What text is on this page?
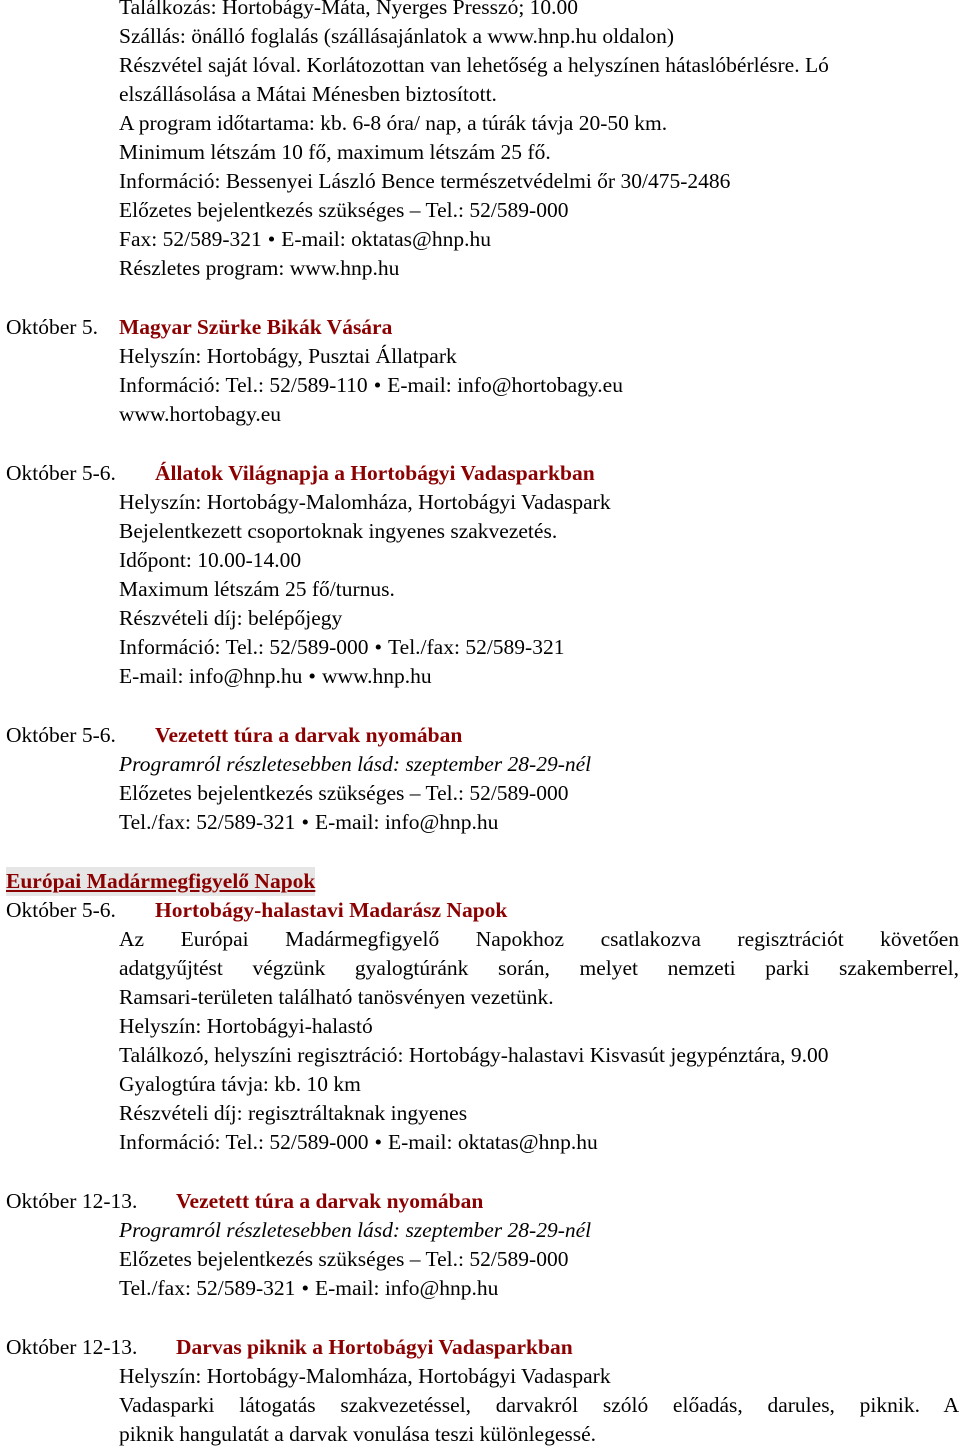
Találkozás: Hortobágy-Máta, Nyerges Presszó; 10.00
Szállás: önálló foglalás (szállásajánlatok a www.hnp.hu oldalon)
Részvétel saját lóval. Korlátozottan van lehetőség a helyszínen hátaslóbérlésre. Ló
elszállásolása a Mátai Ménesben biztosított.
A program időtartama: kb. 6-8 óra/ nap, a túrák távja 20-50 km.
Minimum létszám 10 fő, maximum létszám 25 fő.
Információ: Bessenyei László Bence természetvédelmi őr 30/475-2486
Előzetes bejelentkezés szükséges – Tel.: 52/589-000
Fax: 52/589-321 • E-mail: oktatas@hnp.hu
Részletes program: www.hnp.hu
Október 5. Magyar Szürke Bikák Vására
Helyszín: Hortobágy, Pusztai Állatpark
Információ: Tel.: 52/589-110 • E-mail: info@hortobagy.eu
www.hortobagy.eu
Október 5-6. Állatok Világnapja a Hortobágyi Vadasparkban
Helyszín: Hortobágy-Malomháza, Hortobágyi Vadaspark
Bejelentkezett csoportoknak ingyenes szakvezetés.
Időpont: 10.00-14.00
Maximum létszám 25 fő/turnus.
Részvételi díj: belépőjegy
Információ: Tel.: 52/589-000 • Tel./fax: 52/589-321
E-mail: info@hnp.hu • www.hnp.hu
Október 5-6. Vezetett túra a darvak nyomában
Programról részletesebben lásd: szeptember 28-29-nél
Előzetes bejelentkezés szükséges – Tel.: 52/589-000
Tel./fax: 52/589-321 • E-mail: info@hnp.hu
Európai Madármegfigyelő Napok
Október 5-6. Hortobágy-halastavi Madarász Napok
Az Európai Madármegfigyelő Napokhoz csatlakozva regisztrációt követően
adatgyűjtést végzünk gyalogtúránk során, melyet nemzeti parki szakemberrel,
Ramsari-területen található tanösvényen vezetünk.
Helyszín: Hortobágyi-halastó
Találkozó, helyszíni regisztráció: Hortobágy-halastavi Kisvasút jegypénztára, 9.00
Gyalogtúra távja: kb. 10 km
Részvételi díj: regisztráltaknak ingyenes
Információ: Tel.: 52/589-000 • E-mail: oktatas@hnp.hu
Október 12-13. Vezetett túra a darvak nyomában
Programról részletesebben lásd: szeptember 28-29-nél
Előzetes bejelentkezés szükséges – Tel.: 52/589-000
Tel./fax: 52/589-321 • E-mail: info@hnp.hu
Október 12-13. Darvas piknik a Hortobágyi Vadasparkban
Helyszín: Hortobágy-Malomháza, Hortobágyi Vadaspark
Vadasparki látogatás szakvezetéssel, darvakról szóló előadás, darules, piknik. A
piknik hangulatát a darvak vonulása teszi különlegessé.
